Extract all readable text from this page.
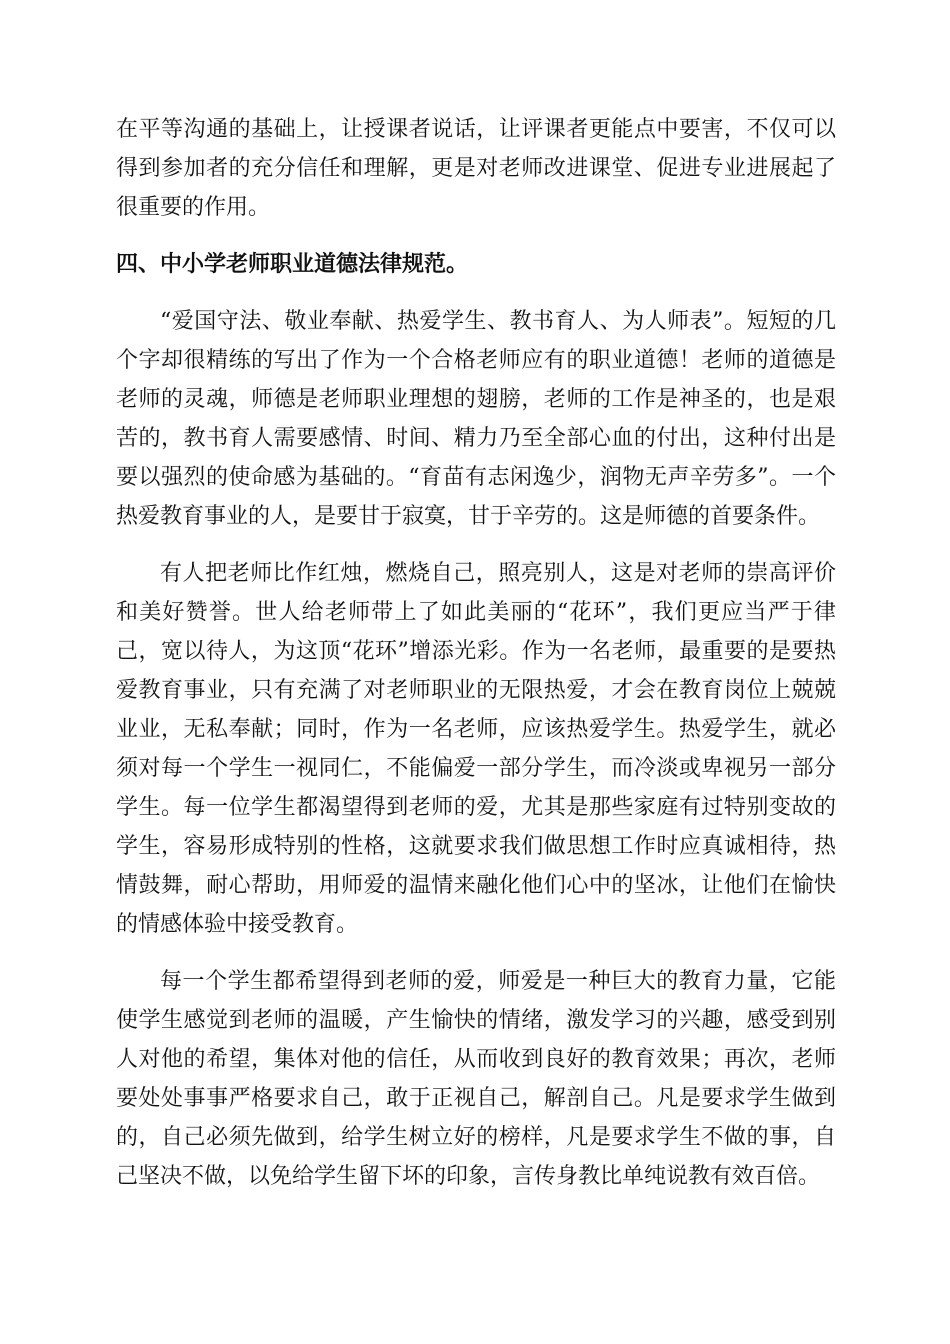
在平等沟通的基础上，让授课者说话，让评课者更能点中要害，不仅可以得到参加者的充分信任和理解，更是对老师改进课堂、促进专业进展起了很重要的作用。

四、中小学老师职业道德法律规范。

“爱国守法、敬业奉献、热爱学生、教书育人、为人师表”。短短的几个字却很精练的写出了作为一个合格老师应有的职业道德！老师的道德是老师的灵魂，师德是老师职业理想的翅膀，老师的工作是神圣的，也是艰苦的，教书育人需要感情、时间、精力乃至全部心血的付出，这种付出是要以强烈的使命感为基础的。“育苗有志闲逸少，润物无声辛劳多”。一个热爱教育事业的人，是要甘于寂寞，甘于辛劳的。这是师德的首要条件。

有人把老师比作红烛，燃烧自己，照亮别人，这是对老师的崇高评价和美好赞誉。世人给老师带上了如此美丽的“花环”，我们更应当严于律己，宽以待人，为这顶“花环”增添光彩。作为一名老师，最重要的是要热爱教育事业，只有充满了对老师职业的无限热爱，才会在教育岗位上兢兢业业，无私奉献；同时，作为一名老师，应该热爱学生。热爱学生，就必须对每一个学生一视同仁，不能偏爱一部分学生，而冷淡或卑视另一部分学生。每一位学生都渴望得到老师的爱，尤其是那些家庭有过特别变故的学生，容易形成特别的性格，这就要求我们做思想工作时应真诚相待，热情鼓舞，耐心帮助，用师爱的温情来融化他们心中的坚冰，让他们在愉快的情感体验中接受教育。

每一个学生都希望得到老师的爱，师爱是一种巨大的教育力量，它能使学生感觉到老师的温暖，产生愉快的情绪，激发学习的兴趣，感受到别人对他的希望，集体对他的信任，从而收到良好的教育效果；再次，老师要处处事事严格要求自己，敢于正视自己，解剖自己。凡是要求学生做到的，自己必须先做到，给学生树立好的榜样，凡是要求学生不做的事，自己坚决不做，以免给学生留下坏的印象，言传身教比单纯说教有效百倍。
